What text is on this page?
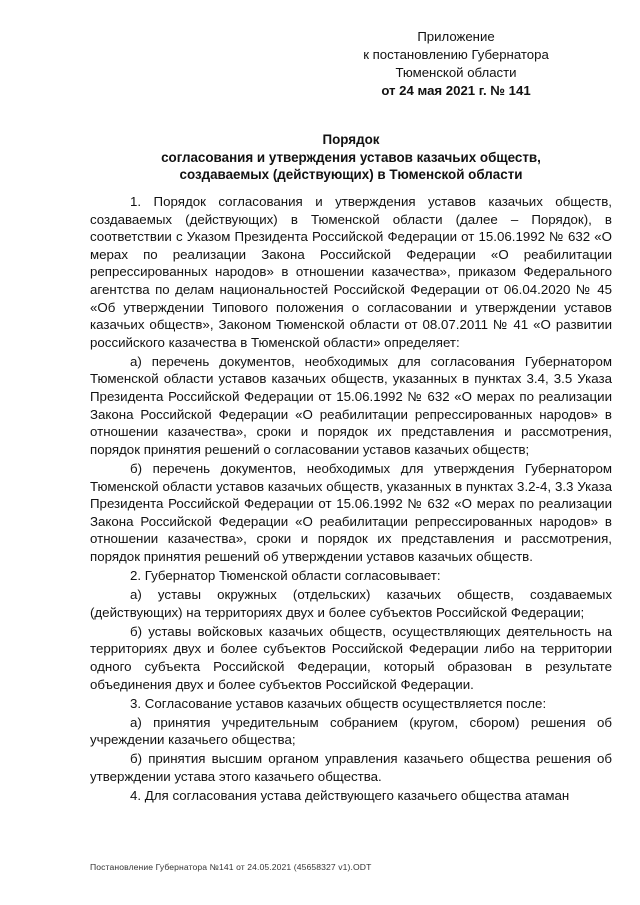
Приложение
к постановлению Губернатора
Тюменской области
от 24 мая 2021 г. № 141
Порядок
согласования и утверждения уставов казачьих обществ,
создаваемых (действующих) в Тюменской области

1. Порядок согласования и утверждения уставов казачьих обществ, создаваемых (действующих) в Тюменской области (далее – Порядок), в соответствии с Указом Президента Российской Федерации от 15.06.1992 № 632 «О мерах по реализации Закона Российской Федерации «О реабилитации репрессированных народов» в отношении казачества», приказом Федерального агентства по делам национальностей Российской Федерации от 06.04.2020 № 45 «Об утверждении Типового положения о согласовании и утверждении уставов казачьих обществ», Законом Тюменской области от 08.07.2011 № 41 «О развитии российского казачества в Тюменской области» определяет:

а) перечень документов, необходимых для согласования Губернатором Тюменской области уставов казачьих обществ, указанных в пунктах 3.4, 3.5 Указа Президента Российской Федерации от 15.06.1992 № 632 «О мерах по реализации Закона Российской Федерации «О реабилитации репрессированных народов» в отношении казачества», сроки и порядок их представления и рассмотрения, порядок принятия решений о согласовании уставов казачьих обществ;

б) перечень документов, необходимых для утверждения Губернатором Тюменской области уставов казачьих обществ, указанных в пунктах 3.2-4, 3.3 Указа Президента Российской Федерации от 15.06.1992 № 632 «О мерах по реализации Закона Российской Федерации «О реабилитации репрессированных народов» в отношении казачества», сроки и порядок их представления и рассмотрения, порядок принятия решений об утверждении уставов казачьих обществ.

2. Губернатор Тюменской области согласовывает:

а) уставы окружных (отдельских) казачьих обществ, создаваемых (действующих) на территориях двух и более субъектов Российской Федерации;

б) уставы войсковых казачьих обществ, осуществляющих деятельность на территориях двух и более субъектов Российской Федерации либо на территории одного субъекта Российской Федерации, который образован в результате объединения двух и более субъектов Российской Федерации.

3. Согласование уставов казачьих обществ осуществляется после:

а) принятия учредительным собранием (кругом, сбором) решения об учреждении казачьего общества;

б) принятия высшим органом управления казачьего общества решения об утверждении устава этого казачьего общества.

4. Для согласования устава действующего казачьего общества атаман

Постановление Губернатора №141 от 24.05.2021 (45658327 v1).ODT
